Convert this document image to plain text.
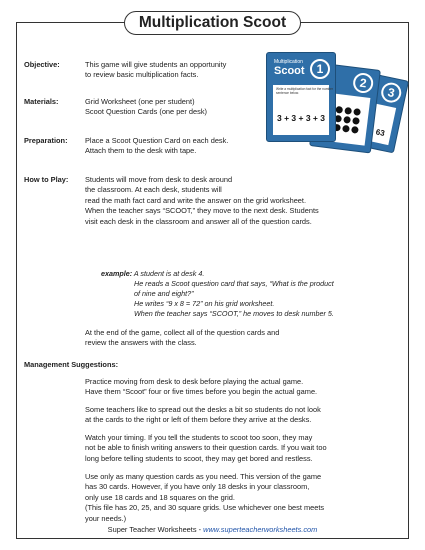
Multiplication Scoot
Objective:	This game will give students an opportunity

to review basic multiplication facts.

Materials:	Grid Worksheet (one per student)

Scoot Question Cards (one per desk)

Preparation: Place a Scoot Question Card on each desk.

Attach them to the desk with tape.

How to Play: Students will move from desk to desk around

the classroom. At each desk, students will

read the math fact card and write the answer on the grid worksheet.

When the teacher says “SCOOT,” they move to the next desk. Students

visit each desk in the classroom and answer all of the question cards.

example: A student is at desk 4.
He reads a Scoot question card that says, “What is the product
of nine and eight?”
He writes “9 x 8 = 72” on his grid worksheet.
When the teacher says “SCOOT,” he moves to desk number 5.

At the end of the game, collect all of the question cards and

review the answers with the class.

Management Suggestions:

Practice moving from desk to desk before playing the actual game.

Have them “Scoot” four or five times before you begin the actual game.

Some teachers like to spread out the desks a bit so students do not look

at the cards to the right or left of them before they arrive at the desks.

Watch your timing. If you tell the students to scoot too soon, they may

not be able to finish writing answers to their question cards. If you wait too

long before telling students to scoot, they may get bored and restless.

Use only as many question cards as you need. This version of the game

has 30 cards. However, if you have only 18 desks in your classroom,

only use 18 cards and 18 squares on the grid.

(This file has 20, 25, and 30 square grids. Use whichever one best meets

your needs.)

3
63
2
Multiplication
Scoot	1
Write a multiplication fact for the number sentence below.
3 + 3 + 3 + 3
Super Teacher Worksheets - www.superteacherworksheets.com
